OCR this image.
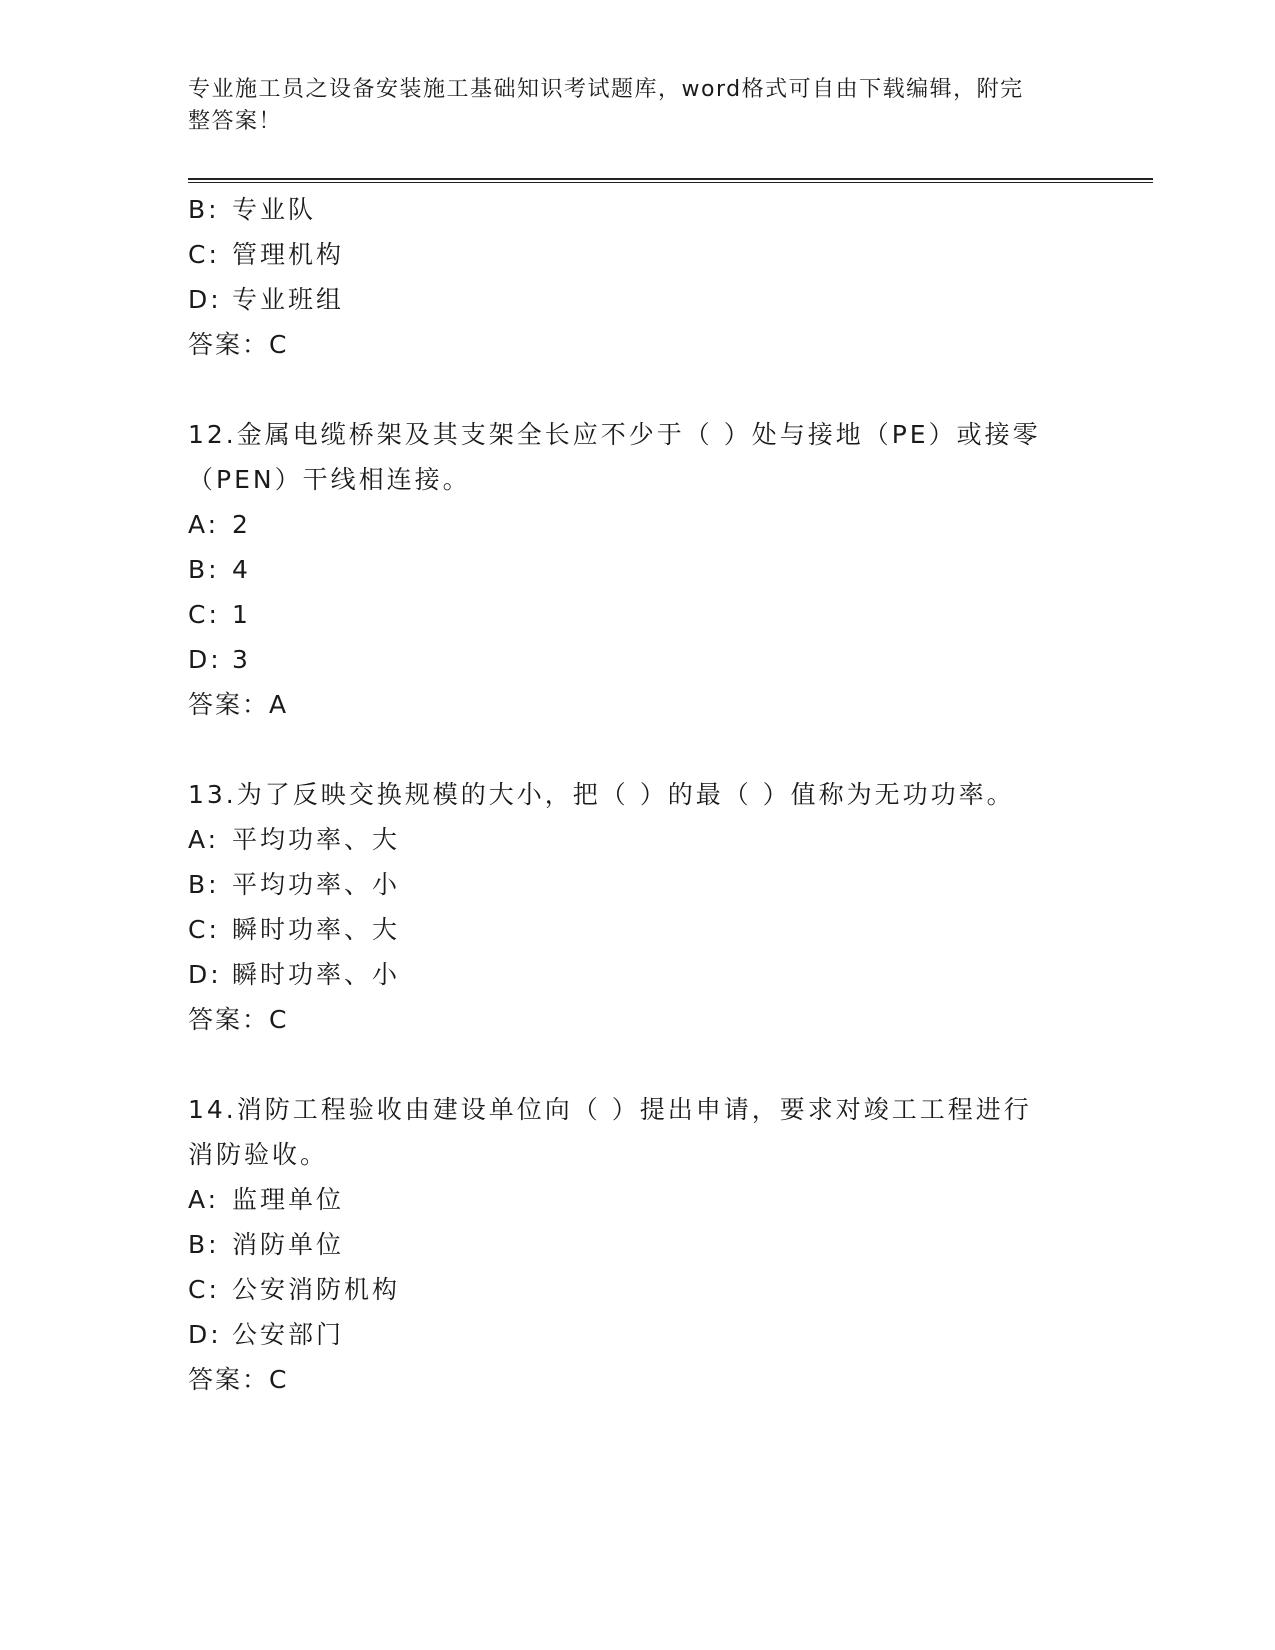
专业施工员之设备安装施工基础知识考试题库，word格式可自由下载编辑，附完
整答案！
B: 专业队
C: 管理机构
D: 专业班组
答案：C
12.金属电缆桥架及其支架全长应不少于（ ）处与接地（PE）或接零
（PEN）干线相连接。
A: 2
B: 4
C: 1
D: 3
答案：A
13.为了反映交换规模的大小，把（ ）的最（ ）值称为无功功率。
A: 平均功率、大
B: 平均功率、小
C: 瞬时功率、大
D: 瞬时功率、小
答案：C
14.消防工程验收由建设单位向（ ）提出申请，要求对竣工工程进行
消防验收。
A: 监理单位
B: 消防单位
C: 公安消防机构
D: 公安部门
答案：C
